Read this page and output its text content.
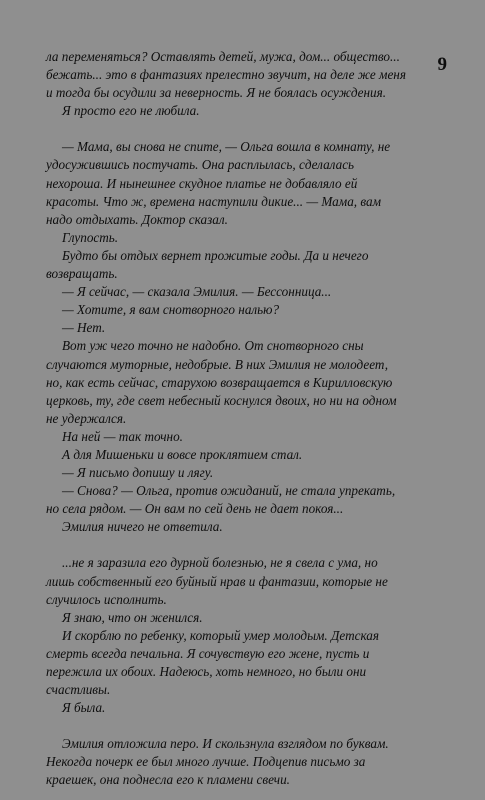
9

ла переменяться? Оставлять детей, мужа, дом... общество... бежать... это в фантазиях прелестно звучит, на деле же меня и тогда бы осудили за неверность. Я не боялась осуждения.

Я просто его не любила.

— Мама, вы снова не спите, — Ольга вошла в комнату, не удосужившись постучать. Она расплылась, сделалась нехороша. И нынешнее скудное платье не добавляло ей красоты. Что ж, времена наступили дикие... — Мама, вам надо отдыхать. Доктор сказал.

Глупость.

Будто бы отдых вернет прожитые годы. Да и нечего возвращать.

— Я сейчас, — сказала Эмилия. — Бессонница...

— Хотите, я вам снотворного налью?

— Нет.

Вот уж чего точно не надобно. От снотворного сны случаются муторные, недобрые. В них Эмилия не молодеет, но, как есть сейчас, старухою возвращается в Кирилловскую церковь, ту, где свет небесный коснулся двоих, но ни на одном не удержался.

На ней — так точно.

А для Мишеньки и вовсе проклятием стал.

— Я письмо допишу и лягу.

— Снова? — Ольга, против ожиданий, не стала упрекать, но села рядом. — Он вам по сей день не дает покоя...

Эмилия ничего не ответила.

...не я заразила его дурной болезнью, не я свела с ума, но лишь собственный его буйный нрав и фантазии, которые не случилось исполнить.

Я знаю, что он женился.

И скорблю по ребенку, который умер молодым. Детская смерть всегда печальна. Я сочувствую его жене, пусть и пережила их обоих. Надеюсь, хоть немного, но были они счастливы.

Я была.

Эмилия отложила перо. И скользнула взглядом по буквам. Некогда почерк ее был много лучше. Подцепив письмо за краешек, она поднесла его к пламени свечи.
